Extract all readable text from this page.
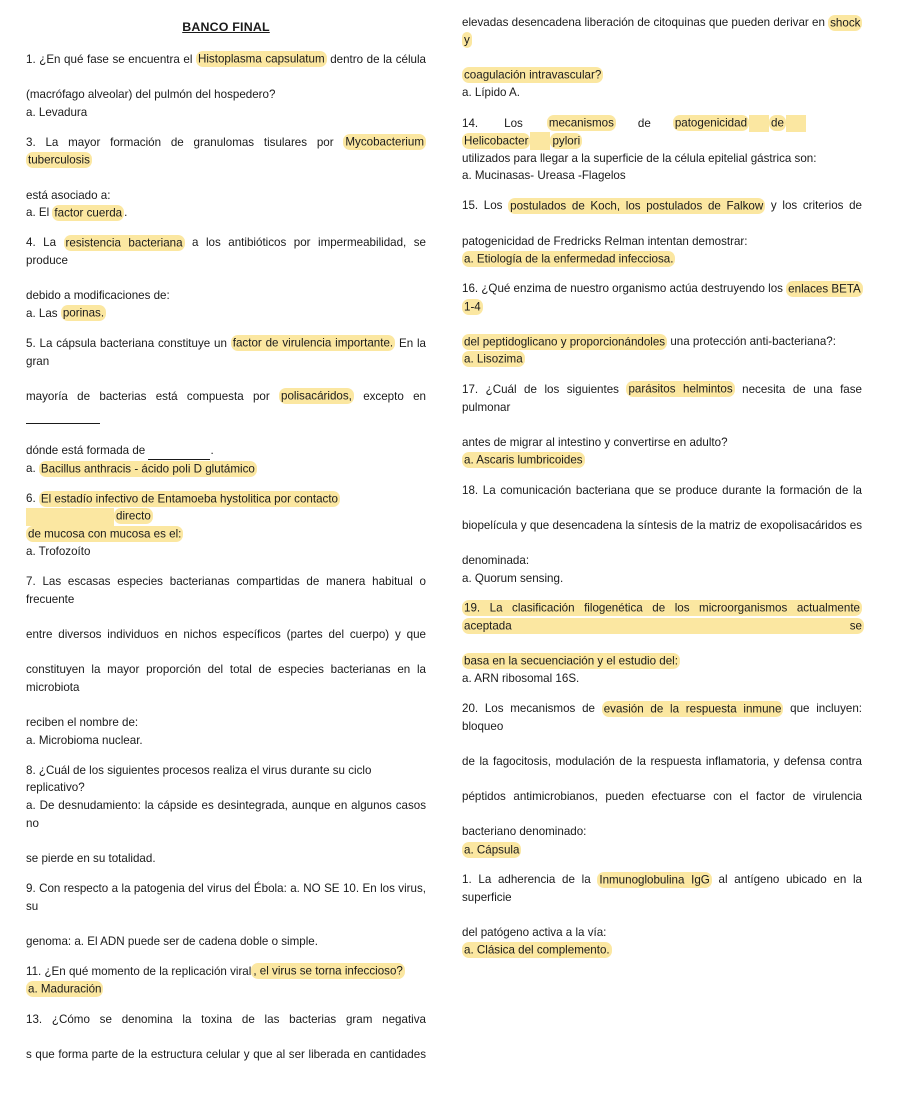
BANCO FINAL

1. ¿En qué fase se encuentra el Histoplasma capsulatum dentro de la célula
(macrófago alveolar) del pulmón del hospedero?
a. Levadura

3. La mayor formación de granulomas tisulares por Mycobacterium tuberculosis
está asociado a:
a. El factor cuerda .

4. La resistencia bacteriana a los antibióticos por impermeabilidad, se produce
debido a modificaciones de:
a. Las porinas.

5. La cápsula bacteriana constituye un factor de virulencia importante. En la gran
mayoría de bacterias está compuesta por polisacáridos, excepto en
dónde está formada de	.
a. Bacillus anthracis - ácido poli D glutámico

6. El estadío infectivo de Entamoeba hystolitica por contacto directo
de mucosa con mucosa es el:
a. Trofozoíto

7. Las escasas especies bacterianas compartidas de manera habitual o frecuente
entre diversos individuos en nichos específicos (partes del cuerpo) y que
constituyen la mayor proporción del total de especies bacterianas en la microbiota
reciben el nombre de:
a. Microbioma nuclear.

8. ¿Cuál de los siguientes procesos realiza el virus durante su ciclo replicativo?
a. De desnudamiento: la cápside es desintegrada, aunque en algunos casos no
se pierde en su totalidad.

9. Con respecto a la patogenia del virus del Ébola: a. NO SE 10. En los virus, su
genoma: a. El ADN puede ser de cadena doble o simple.

11. ¿En qué momento de la replicación viral , el virus se torna infeccioso?
a. Maduración

13. ¿Cómo se denomina la toxina de las bacterias gram negativa
s que forma parte de la estructura celular y que al ser liberada en cantidades

elevadas desencadena liberación de citoquinas que pueden derivar en shock y
coagulación intravascular?
a. Lípido A.

14. Los mecanismos de patogenicidad de Helicobacter pylori
utilizados para llegar a la superficie de la célula epitelial gástrica son:
a. Mucinasas- Ureasa -Flagelos

15. Los postulados de Koch, los postulados de Falkow y los criterios de
patogenicidad de Fredricks Relman intentan demostrar:
a. Etiología de la enfermedad infecciosa.

16. ¿Qué enzima de nuestro organismo actúa destruyendo los enlaces BETA 1-4
del peptidoglicano y proporcionándoles una protección anti-bacteriana?:
a. Lisozima

17. ¿Cuál de los siguientes parásitos helmintos necesita de una fase pulmonar
antes de migrar al intestino y convertirse en adulto?
a. Ascaris lumbricoides

18. La comunicación bacteriana que se produce durante la formación de la
biopelícula y que desencadena la síntesis de la matriz de exopolisacáridos es
denominada:
a. Quorum sensing.

19. La clasificación filogenética de los microorganismos actualmente aceptada se
basa en la secuenciación y el estudio del:
a. ARN ribosomal 16S.

20. Los mecanismos de evasión de la respuesta inmune que incluyen: bloqueo
de la fagocitosis, modulación de la respuesta inflamatoria, y defensa contra
péptidos antimicrobianos, pueden efectuarse con el factor de virulencia
bacteriano denominado:
a. Cápsula

1. La adherencia de la Inmunoglobulina IgG al antígeno ubicado en la superficie
del patógeno activa a la vía:
a. Clásica del complemento.
